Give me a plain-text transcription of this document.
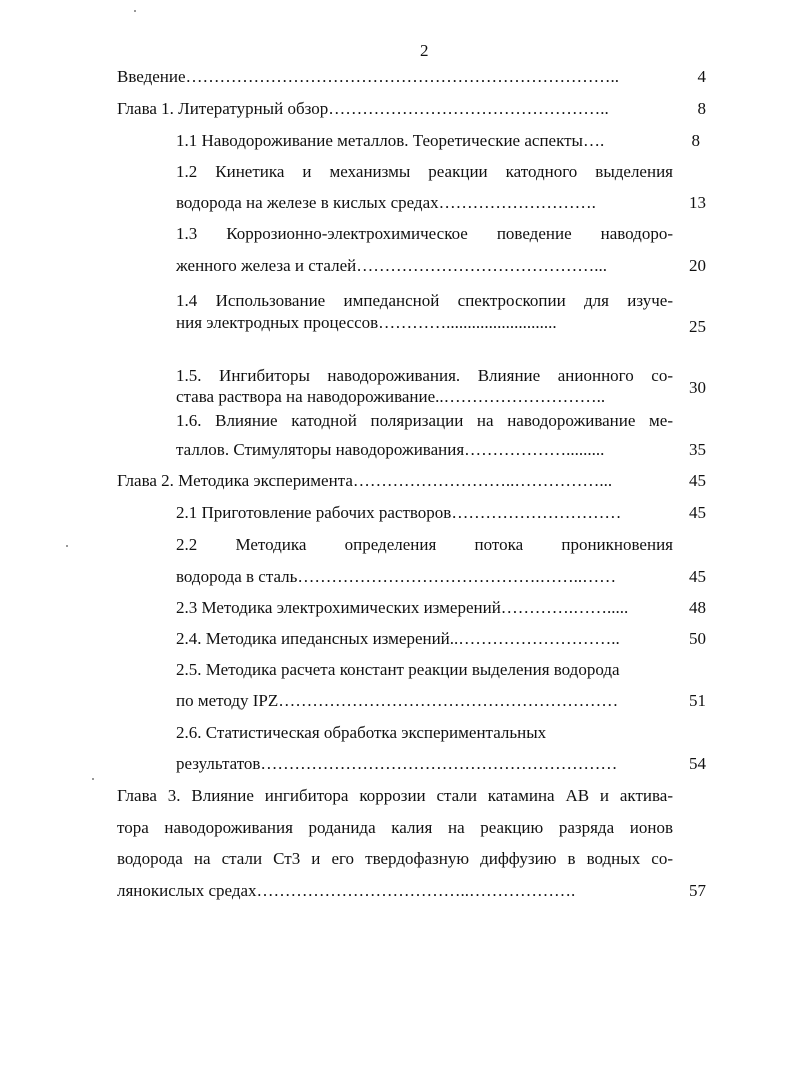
2
Введение…………………………………………………………………..	4
Глава 1. Литературный обзор…………………………………………..	8
1.1 Наводороживание металлов. Теоретические аспекты….	8
1.2 Кинетика и механизмы реакции катодного выделения
водорода на железе в кислых средах……………………….	13
1.3 Коррозионно-электрохимическое поведение наводоро-
женного железа и сталей……………………………………...	20
1.4 Использование импедансной спектроскопии для изуче-
ния электродных процессов…………..........................	25
1.5. Ингибиторы наводороживания. Влияние анионного со-
става раствора на наводороживание..………………………..	30
1.6. Влияние катодной поляризации на наводороживание ме-
таллов. Стимуляторы наводороживания……………….........	35
Глава 2. Методика эксперимента………………………..……………...	45
2.1 Приготовление рабочих растворов…………………………	45
2.2 Методика определения потока проникновения
водорода в сталь…………………………………….……..……	45
2.3 Методика электрохимических измерений………….…….....	48
2.4. Методика ипедансных измерений..………………………..	50
2.5. Методика расчета констант реакции выделения водорода
по методу IPZ……………………………………………………	51
2.6. Статистическая обработка экспериментальных
результатов………………………………………………………	54
Глава 3. Влияние ингибитора коррозии стали катамина АВ и актива-
тора наводороживания роданида калия на реакцию разряда ионов
водорода на стали Ст3 и его твердофазную диффузию в водных со-
лянокислых средах………………………………..……………….	57
